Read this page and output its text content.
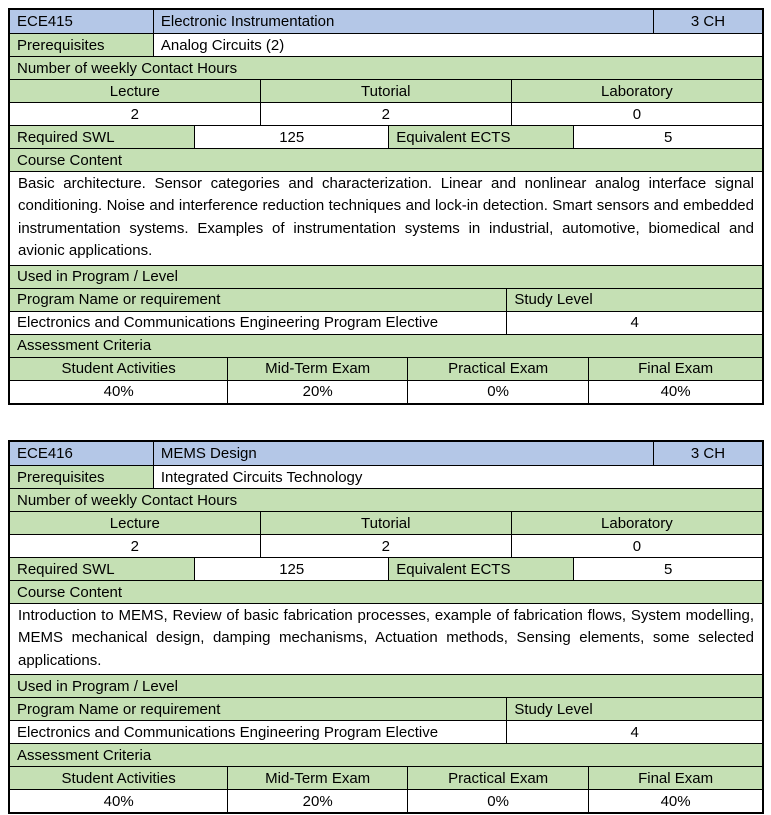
ECE415	Electronic Instrumentation	3 CH
Prerequisites	Analog Circuits (2)
Number of weekly Contact Hours
Lecture	Tutorial	Laboratory
2	2	0
Required SWL	125	Equivalent ECTS	5
Course Content
Basic architecture. Sensor categories and characterization. Linear and nonlinear analog interface signal conditioning. Noise and interference reduction techniques and lock-in detection. Smart sensors and embedded instrumentation systems. Examples of instrumentation systems in industrial, automotive, biomedical and avionic applications.
Used in Program / Level
Program Name or requirement	Study Level
Electronics and Communications Engineering Program Elective	4
Assessment Criteria
Student Activities	Mid-Term Exam	Practical Exam	Final Exam
40%	20%	0%	40%
ECE416	MEMS Design	3 CH
Prerequisites	Integrated Circuits Technology
Number of weekly Contact Hours
Lecture	Tutorial	Laboratory
2	2	0
Required SWL	125	Equivalent ECTS	5
Course Content
Introduction to MEMS, Review of basic fabrication processes, example of fabrication flows, System modelling, MEMS mechanical design, damping mechanisms, Actuation methods, Sensing elements, some selected applications.
Used in Program / Level
Program Name or requirement	Study Level
Electronics and Communications Engineering Program Elective	4
Assessment Criteria
Student Activities	Mid-Term Exam	Practical Exam	Final Exam
40%	20%	0%	40%
